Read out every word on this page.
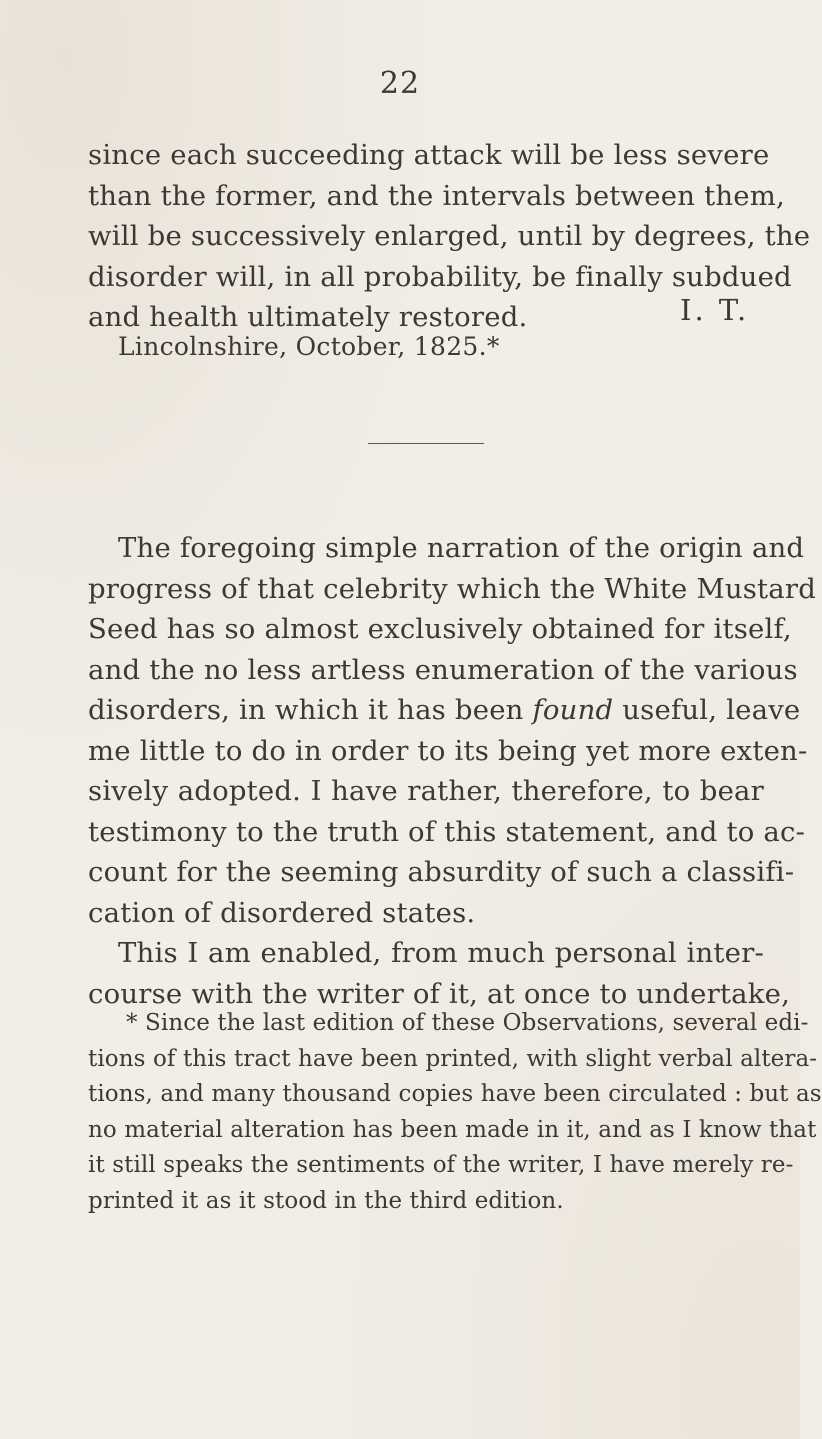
22
since each succeeding attack will be less severe
than the former, and the intervals between them,
will be successively enlarged, until by degrees, the
disorder will, in all probability, be finally subdued
and health ultimately restored.	I. T.
Lincolnshire, October, 1825.*
The foregoing simple narration of the origin and
progress of that celebrity which the White Mustard
Seed has so almost exclusively obtained for itself,
and the no less artless enumeration of the various
disorders, in which it has been found useful, leave
me little to do in order to its being yet more exten-
sively adopted. I have rather, therefore, to bear
testimony to the truth of this statement, and to ac-
count for the seeming absurdity of such a classifi-
cation of disordered states.
This I am enabled, from much personal inter-
course with the writer of it, at once to undertake,
* Since the last edition of these Observations, several edi-
tions of this tract have been printed, with slight verbal altera-
tions, and many thousand copies have been circulated : but as
no material alteration has been made in it, and as I know that
it still speaks the sentiments of the writer, I have merely re-
printed it as it stood in the third edition.
